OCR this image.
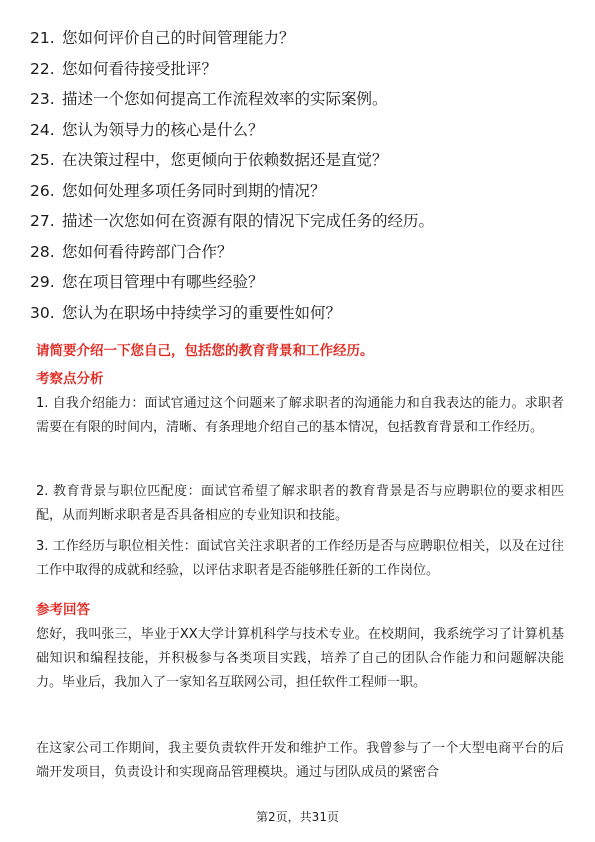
21. 您如何评价自己的时间管理能力？
22. 您如何看待接受批评？
23. 描述一个您如何提高工作流程效率的实际案例。
24. 您认为领导力的核心是什么？
25. 在决策过程中，您更倾向于依赖数据还是直觉？
26. 您如何处理多项任务同时到期的情况？
27. 描述一次您如何在资源有限的情况下完成任务的经历。
28. 您如何看待跨部门合作？
29. 您在项目管理中有哪些经验？
30. 您认为在职场中持续学习的重要性如何？
请简要介绍一下您自己，包括您的教育背景和工作经历。
考察点分析
1. 自我介绍能力：面试官通过这个问题来了解求职者的沟通能力和自我表达的能力。求职者需要在有限的时间内，清晰、有条理地介绍自己的基本情况，包括教育背景和工作经历。
2. 教育背景与职位匹配度：面试官希望了解求职者的教育背景是否与应聘职位的要求相匹配，从而判断求职者是否具备相应的专业知识和技能。
3. 工作经历与职位相关性：面试官关注求职者的工作经历是否与应聘职位相关，以及在过往工作中取得的成就和经验，以评估求职者是否能够胜任新的工作岗位。
参考回答
您好，我叫张三，毕业于XX大学计算机科学与技术专业。在校期间，我系统学习了计算机基础知识和编程技能，并积极参与各类项目实践，培养了自己的团队合作能力和问题解决能力。毕业后，我加入了一家知名互联网公司，担任软件工程师一职。
在这家公司工作期间，我主要负责软件开发和维护工作。我曾参与了一个大型电商平台的后端开发项目，负责设计和实现商品管理模块。通过与团队成员的紧密合
第2页，共31页
